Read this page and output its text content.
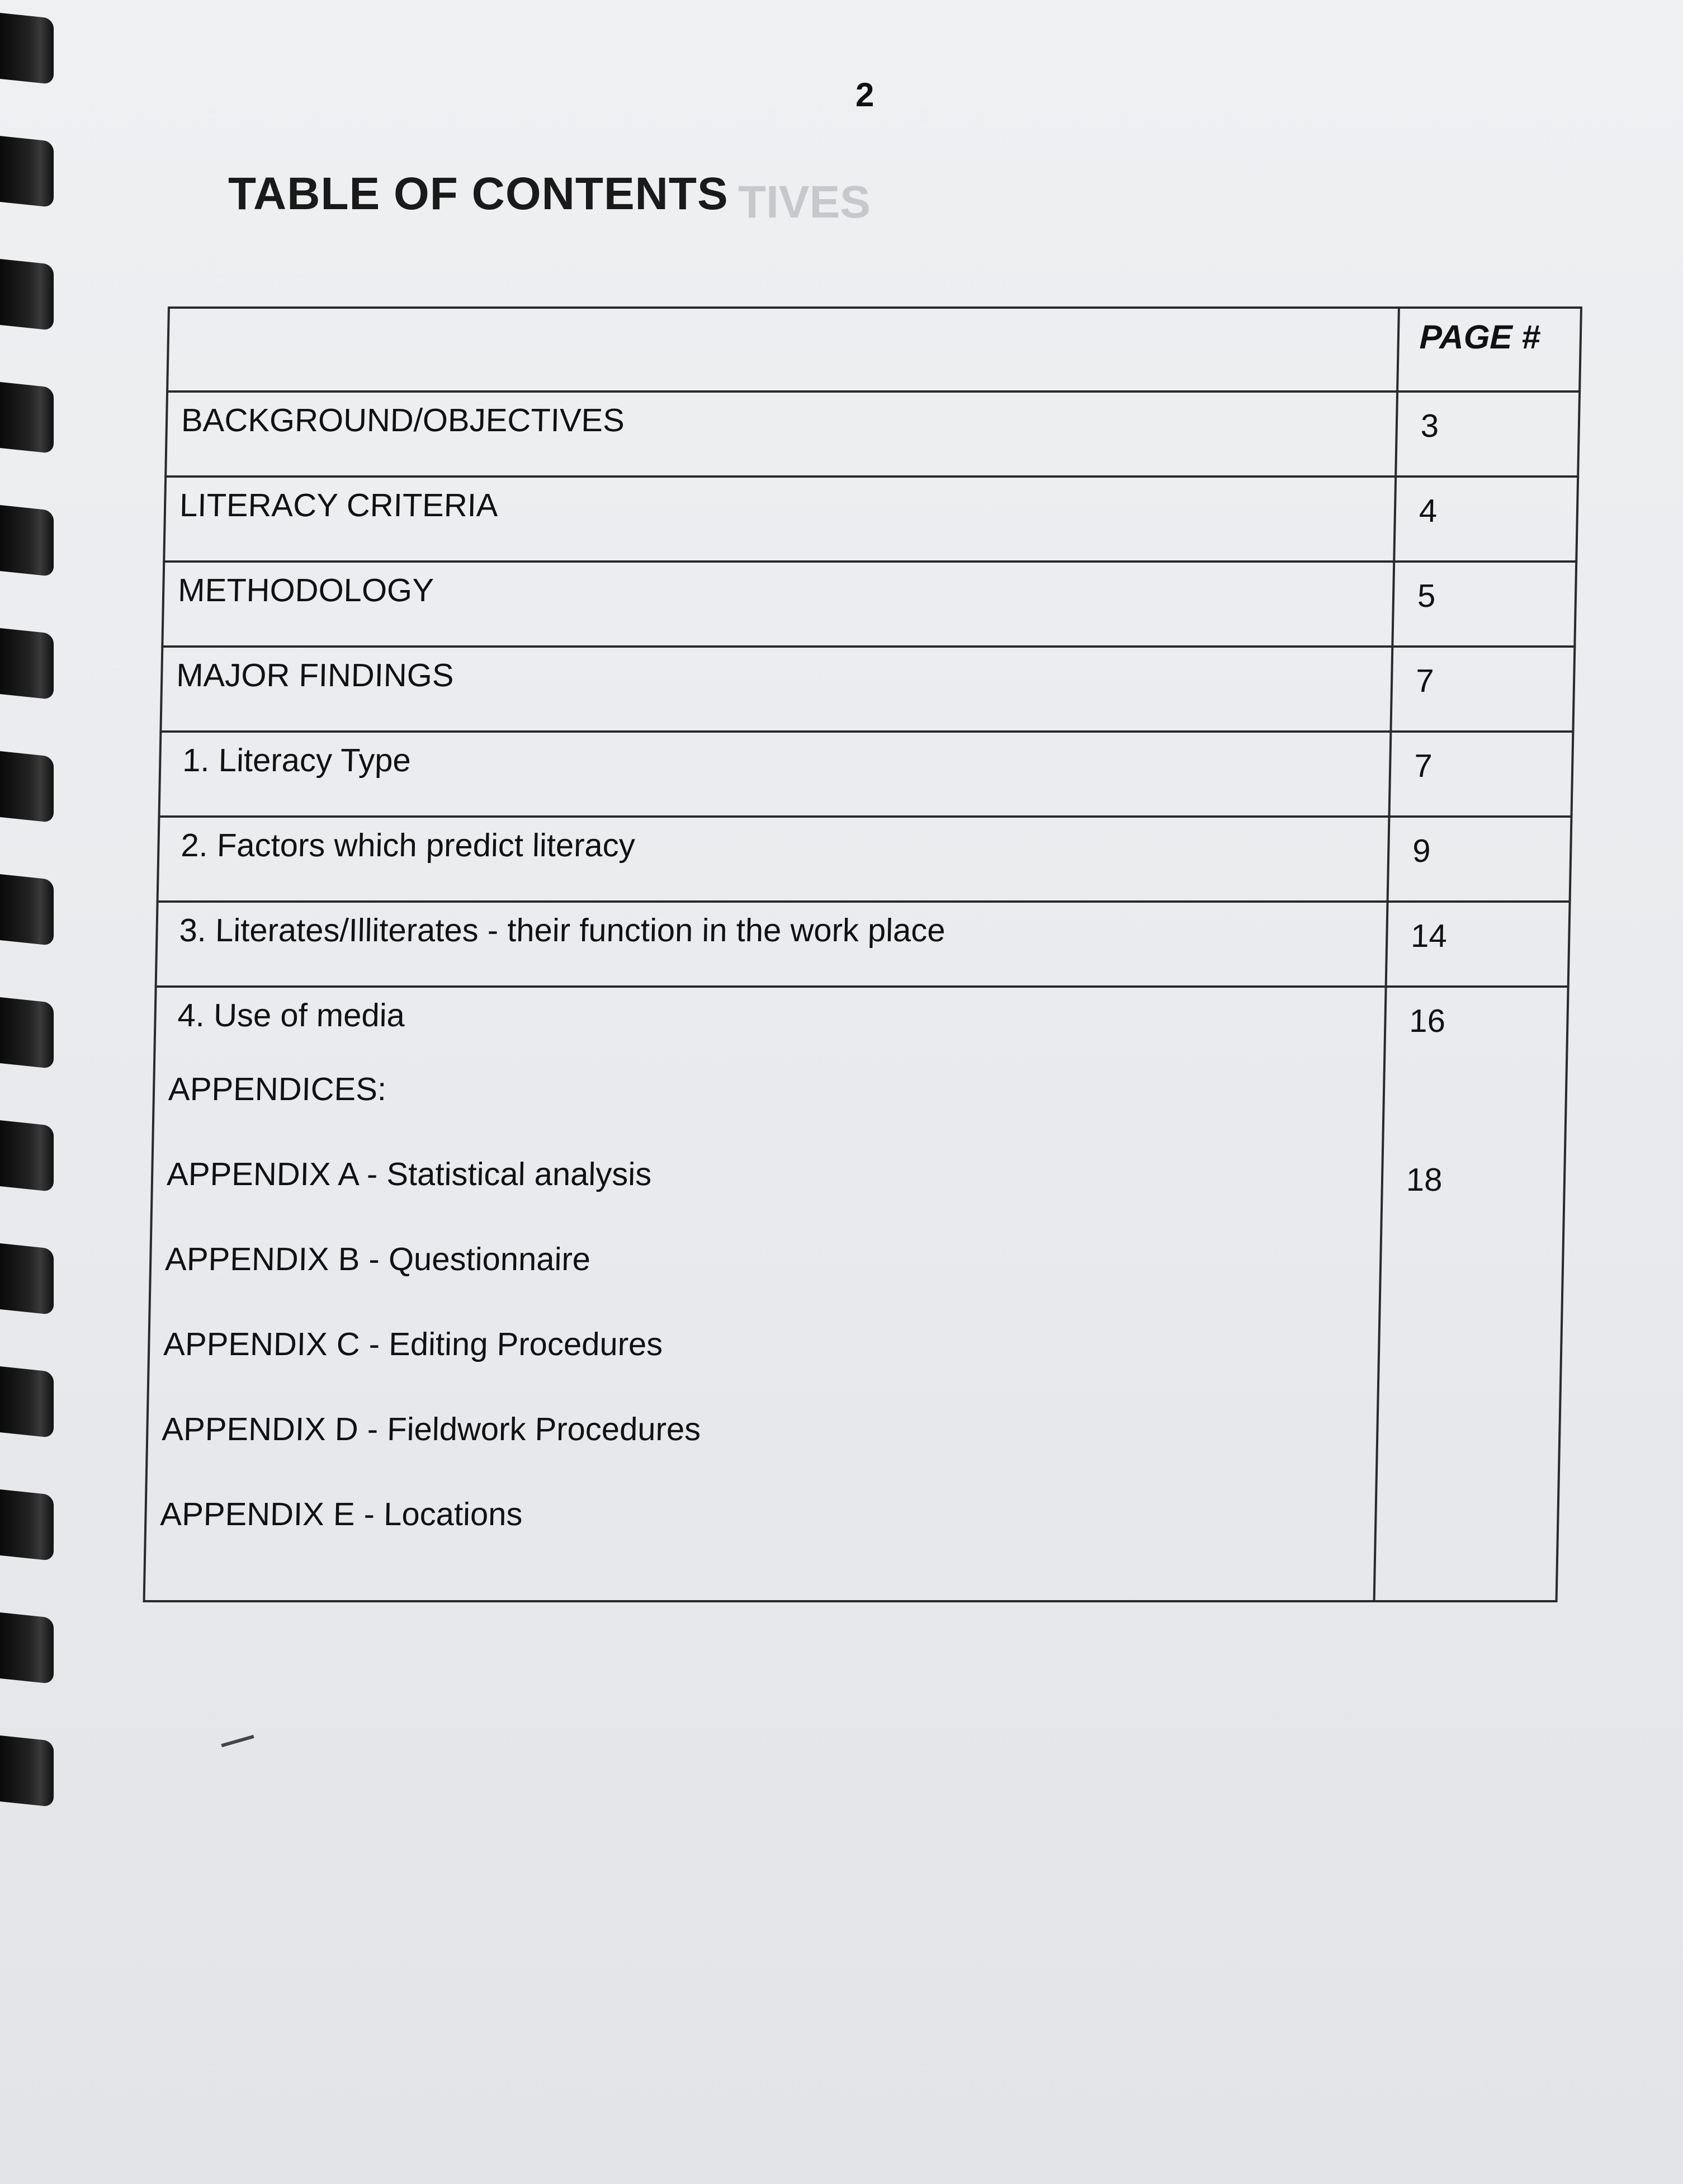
TIVES
2
TABLE OF CONTENTS
PAGE #
BACKGROUND/OBJECTIVES	3
LITERACY CRITERIA	4
METHODOLOGY	5
MAJOR FINDINGS	7
1. Literacy Type	7
2. Factors which predict literacy	9
3. Literates/Illiterates - their function in the work place	14
4. Use of media	16
APPENDICES:
APPENDIX A - Statistical analysis	18
APPENDIX B - Questionnaire
APPENDIX C - Editing Procedures
APPENDIX D - Fieldwork Procedures
APPENDIX E - Locations
